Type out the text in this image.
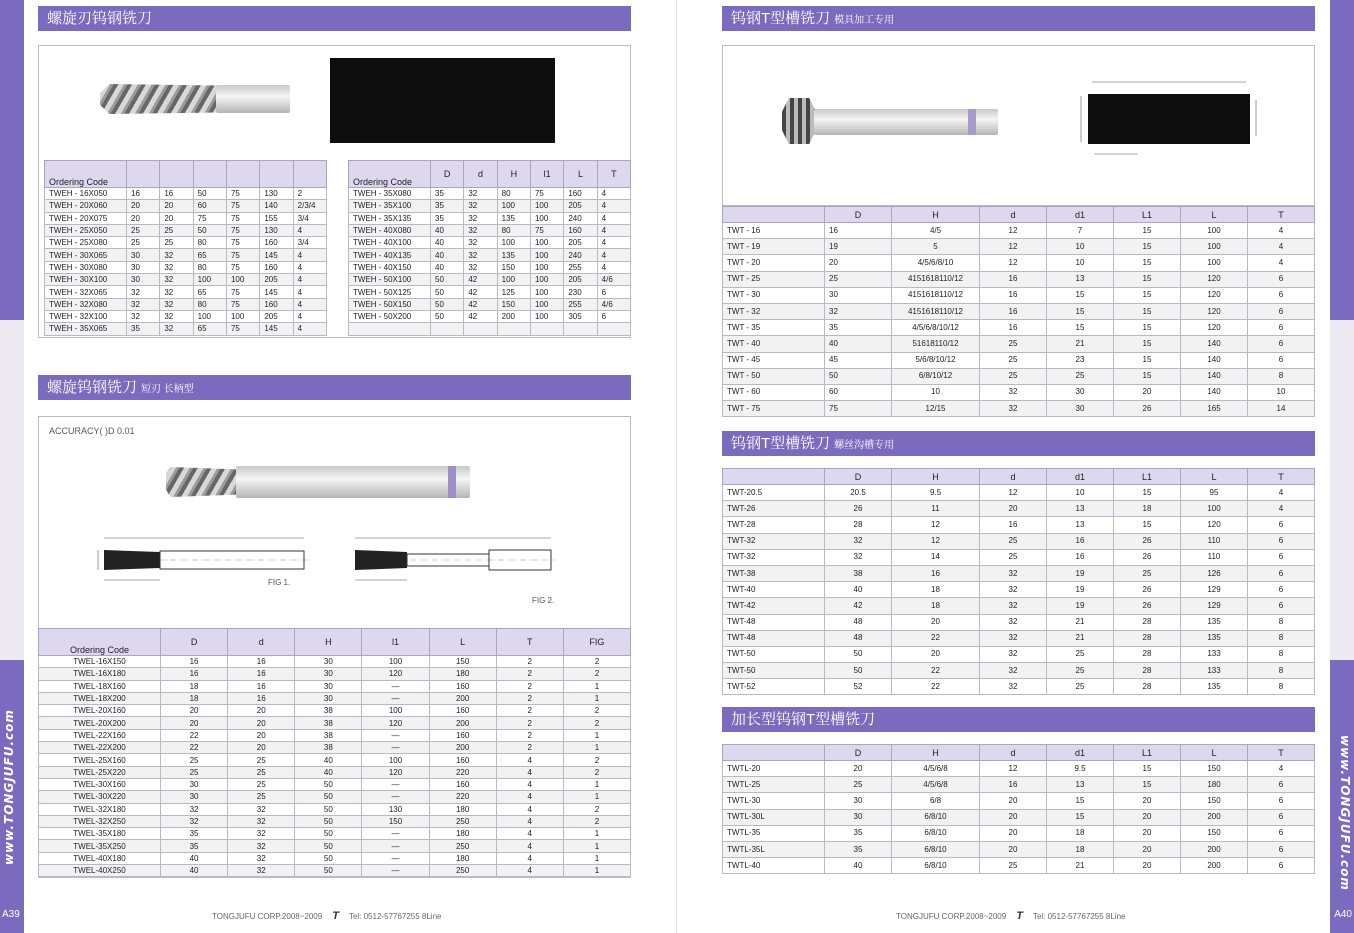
www.TONGJUFU.com
A39
www.TONGJUFU.com
A40
螺旋刃钨钢铣刀
Ordering Code						
TWEH - 16X050	16	16	50	75	130	2
TWEH - 20X060	20	20	60	75	140	2/3/4
TWEH - 20X075	20	20	75	75	155	3/4
TWEH - 25X050	25	25	50	75	130	4
TWEH - 25X080	25	25	80	75	160	3/4
TWEH - 30X065	30	32	65	75	145	4
TWEH - 30X080	30	32	80	75	160	4
TWEH - 30X100	30	32	100	100	205	4
TWEH - 32X065	32	32	65	75	145	4
TWEH - 32X080	32	32	80	75	160	4
TWEH - 32X100	32	32	100	100	205	4
TWEH - 35X065	35	32	65	75	145	4
Ordering Code	D	d	H	l1	L	T
TWEH - 35X080	35	32	80	75	160	4
TWEH - 35X100	35	32	100	100	205	4
TWEH - 35X135	35	32	135	100	240	4
TWEH - 40X080	40	32	80	75	160	4
TWEH - 40X100	40	32	100	100	205	4
TWEH - 40X135	40	32	135	100	240	4
TWEH - 40X150	40	32	150	100	255	4
TWEH - 50X100	50	42	100	100	205	4/6
TWEH - 50X125	50	42	125	100	230	6
TWEH - 50X150	50	42	150	100	255	4/6
TWEH - 50X200	50	42	200	100	305	6

螺旋钨钢铣刀 短刃 长柄型
ACCURACY( )D 0.01
FIG 1.
FIG 2.
Ordering Code	D	d	H	l1	L	T	FIG
TWEL-16X150	16	16	30	100	150	2	2
TWEL-16X180	16	16	30	120	180	2	2
TWEL-18X160	18	16	30	—	160	2	1
TWEL-18X200	18	16	30	—	200	2	1
TWEL-20X160	20	20	38	100	160	2	2
TWEL-20X200	20	20	38	120	200	2	2
TWEL-22X160	22	20	38	—	160	2	1
TWEL-22X200	22	20	38	—	200	2	1
TWEL-25X160	25	25	40	100	160	4	2
TWEL-25X220	25	25	40	120	220	4	2
TWEL-30X160	30	25	50	—	160	4	1
TWEL-30X220	30	25	50	—	220	4	1
TWEL-32X180	32	32	50	130	180	4	2
TWEL-32X250	32	32	50	150	250	4	2
TWEL-35X180	35	32	50	—	180	4	1
TWEL-35X250	35	32	50	—	250	4	1
TWEL-40X180	40	32	50	—	180	4	1
TWEL-40X250	40	32	50	—	250	4	1
钨钢T型槽铣刀 模具加工专用
	D	H	d	d1	L1	L	T
TWT - 16	16	4/5	12	7	15	100	4
TWT - 19	19	5	12	10	15	100	4
TWT - 20	20	4/5/6/8/10	12	10	15	100	4
TWT - 25	25	4151618110/12	16	13	15	120	6
TWT - 30	30	4151618110/12	16	15	15	120	6
TWT - 32	32	4151618110/12	16	15	15	120	6
TWT - 35	35	4/5/6/8/10/12	16	15	15	120	6
TWT - 40	40	51618110/12	25	21	15	140	6
TWT - 45	45	5/6/8/10/12	25	23	15	140	6
TWT - 50	50	6/8/10/12	25	25	15	140	8
TWT - 60	60	10	32	30	20	140	10
TWT - 75	75	12/15	32	30	26	165	14
钨钢T型槽铣刀 螺丝沟槽专用
	D	H	d	d1	L1	L	T
TWT-20.5	20.5	9.5	12	10	15	95	4
TWT-26	26	11	20	13	18	100	4
TWT-28	28	12	16	13	15	120	6
TWT-32	32	12	25	16	26	110	6
TWT-32	32	14	25	16	26	110	6
TWT-38	38	16	32	19	25	126	6
TWT-40	40	18	32	19	26	129	6
TWT-42	42	18	32	19	26	129	6
TWT-48	48	20	32	21	28	135	8
TWT-48	48	22	32	21	28	135	8
TWT-50	50	20	32	25	28	133	8
TWT-50	50	22	32	25	28	133	8
TWT-52	52	22	32	25	28	135	8
加长型钨钢T型槽铣刀
	D	H	d	d1	L1	L	T
TWTL-20	20	4/5/6/8	12	9.5	15	150	4
TWTL-25	25	4/5/6/8	16	13	15	180	6
TWTL-30	30	6/8	20	15	20	150	6
TWTL-30L	30	6/8/10	20	15	20	200	6
TWTL-35	35	6/8/10	20	18	20	150	6
TWTL-35L	35	6/8/10	20	18	20	200	6
TWTL-40	40	6/8/10	25	21	20	200	6
TONGJUFU CORP.2008~2009 T Tel: 0512-57767255 8Line	TONGJUFU CORP.2008~2009 T Tel: 0512-57767255 8Line
